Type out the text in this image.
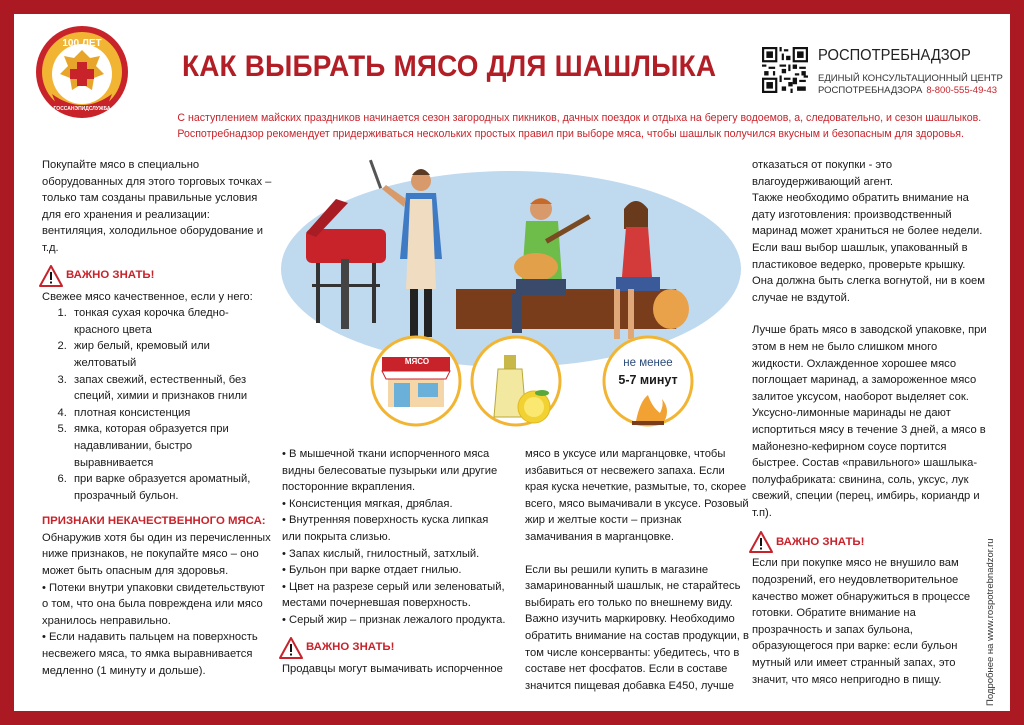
100 ЛЕТ
ГОССАНЭПИДСЛУЖБА
КАК ВЫБРАТЬ МЯСО ДЛЯ ШАШЛЫКА	РОСПОТРЕБНАДЗОР
ЕДИНЫЙ КОНСУЛЬТАЦИОННЫЙ ЦЕНТР
РОСПОТРЕБНАДЗОРА 8-800-555-49-43
С наступлением майских праздников начинается сезон загородных пикников, дачных поездок и отдыха на берегу водоемов, а, следовательно, и сезон шашлыков.
Роспотребнадзор рекомендует придерживаться нескольких простых правил при выборе мяса, чтобы шашлык получился вкусным и безопасным для здоровья.

Покупайте мясо в специально оборудованных для этого торговых точках – только там созданы правильные условия для его хранения и реализации: вентиляция, холодильное оборудование и т.д.

ВАЖНО ЗНАТЬ!

Свежее мясо качественное, если у него:

1. тонкая сухая корочка бледно-красного цвета
2. жир белый, кремовый или желтоватый
3. запах свежий, естественный, без специй, химии и признаков гнили
4. плотная консистенция
5. ямка, которая образуется при надавливании, быстро выравнивается
6. при варке образуется ароматный, прозрачный бульон.
ПРИЗНАКИ НЕКАЧЕСТВЕННОГО МЯСА:

Обнаружив хотя бы один из перечисленных ниже признаков, не покупайте мясо – оно может быть опасным для здоровья.

• Потеки внутри упаковки свидетельствуют о том, что она была повреждена или мясо хранилось неправильно.

• Если надавить пальцем на поверхность несвежего мяса, то ямка выравнивается медленно (1 минуту и дольше).

МЯСО	не менее
5-7 минут

• В мышечной ткани испорченного мяса видны белесоватые пузырьки или другие посторонние вкрапления.

• Консистенция мягкая, дряблая.

• Внутренняя поверхность куска липкая или покрыта слизью.

• Запах кислый, гнилостный, затхлый.

• Бульон при варке отдает гнилью.

• Цвет на разрезе серый или зеленоватый, местами почерневшая поверхность.

• Серый жир – признак лежалого продукта.

ВАЖНО ЗНАТЬ!

Продавцы могут вымачивать испорченное

мясо в уксусе или марганцовке, чтобы избавиться от несвежего запаха. Если края куска нечеткие, размытые, то, скорее всего, мясо вымачивали в уксусе. Розовый жир и желтые кости – признак замачивания в марганцовке.

Если вы решили купить в магазине замаринованный шашлык, не старайтесь выбирать его только по внешнему виду. Важно изучить маркировку. Необходимо обратить внимание на состав продукции, в том числе консерванты: убедитесь, что в составе нет фосфатов. Если в составе значится пищевая добавка Е450, лучше

отказаться от покупки - это влагоудерживающий агент.

Также необходимо обратить внимание на дату изготовления: производственный маринад может храниться не более недели. Если ваш выбор шашлык, упакованный в пластиковое ведерко, проверьте крышку. Она должна быть слегка вогнутой, ни в коем случае не вздутой.

Лучше брать мясо в заводской упаковке, при этом в нем не было слишком много жидкости. Охлажденное хорошее мясо поглощает маринад, а замороженное мясо залитое уксусом, наоборот выделяет сок. Уксусно-лимонные маринады не дают испортиться мясу в течение 3 дней, а мясо в майонезно-кефирном соусе портится быстрее. Состав «правильного» шашлыка-полуфабриката: свинина, соль, уксус, лук свежий, специи (перец, имбирь, кориандр и т.п).

ВАЖНО ЗНАТЬ!

Если при покупке мясо не внушило вам подозрений, его неудовлетворительное качество может обнаружиться в процессе готовки. Обратите внимание на прозрачность и запах бульона, образующегося при варке: если бульон мутный или имеет странный запах, это значит, что мясо непригодно в пищу.	Подробнее на www.rospotrebnadzor.ru
